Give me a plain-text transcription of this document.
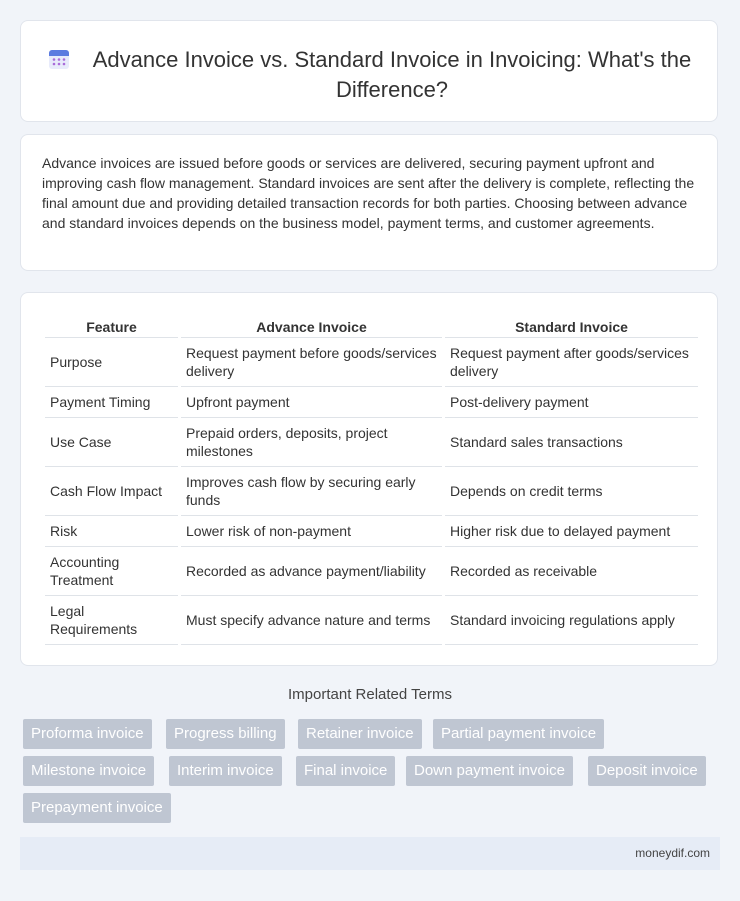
Advance Invoice vs. Standard Invoice in Invoicing: What's the Difference?
Advance invoices are issued before goods or services are delivered, securing payment upfront and improving cash flow management. Standard invoices are sent after the delivery is complete, reflecting the final amount due and providing detailed transaction records for both parties. Choosing between advance and standard invoices depends on the business model, payment terms, and customer agreements.
Feature	Advance Invoice	Standard Invoice
Purpose	Request payment before goods/services delivery	Request payment after goods/services delivery
Payment Timing	Upfront payment	Post-delivery payment
Use Case	Prepaid orders, deposits, project milestones	Standard sales transactions
Cash Flow Impact	Improves cash flow by securing early funds	Depends on credit terms
Risk	Lower risk of non-payment	Higher risk due to delayed payment
Accounting Treatment	Recorded as advance payment/liability	Recorded as receivable
Legal Requirements	Must specify advance nature and terms	Standard invoicing regulations apply
Important Related Terms
Proforma invoice	Progress billing	Retainer invoice	Partial payment invoice
Milestone invoice	Interim invoice	Final invoice	Down payment invoice	Deposit invoice
Prepayment invoice
moneydif.com
